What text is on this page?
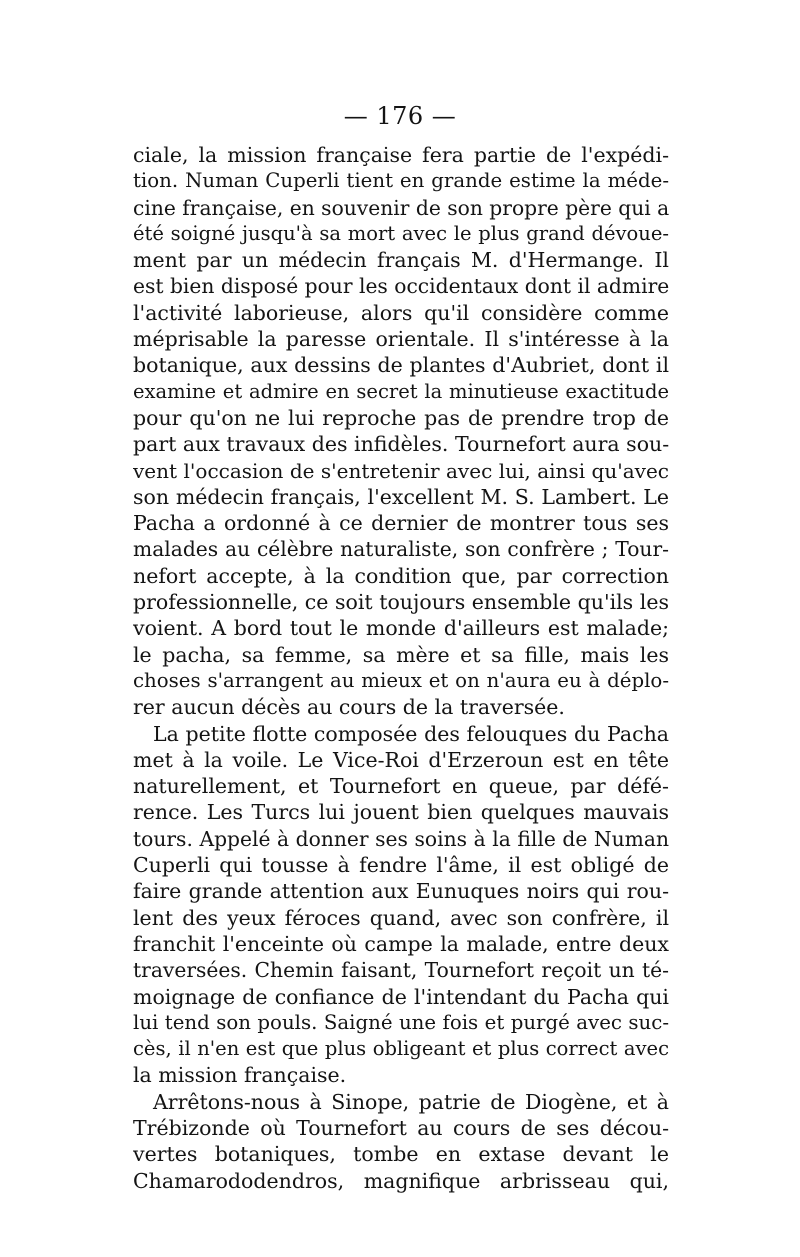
— 176 —
ciale, la mission française fera partie de l'expédi-
tion. Numan Cuperli tient en grande estime la méde-
cine française, en souvenir de son propre père qui a
été soigné jusqu'à sa mort avec le plus grand dévoue-
ment par un médecin français M. d'Hermange. Il
est bien disposé pour les occidentaux dont il admire
l'activité laborieuse, alors qu'il considère comme
méprisable la paresse orientale. Il s'intéresse à la
botanique, aux dessins de plantes d'Aubriet, dont il
examine et admire en secret la minutieuse exactitude
pour qu'on ne lui reproche pas de prendre trop de
part aux travaux des infidèles. Tournefort aura sou-
vent l'occasion de s'entretenir avec lui, ainsi qu'avec
son médecin français, l'excellent M. S. Lambert. Le
Pacha a ordonné à ce dernier de montrer tous ses
malades au célèbre naturaliste, son confrère ; Tour-
nefort accepte, à la condition que, par correction
professionnelle, ce soit toujours ensemble qu'ils les
voient. A bord tout le monde d'ailleurs est malade;
le pacha, sa femme, sa mère et sa fille, mais les
choses s'arrangent au mieux et on n'aura eu à déplo-
rer aucun décès au cours de la traversée.
La petite flotte composée des felouques du Pacha
met à la voile. Le Vice-Roi d'Erzeroun est en tête
naturellement, et Tournefort en queue, par défé-
rence. Les Turcs lui jouent bien quelques mauvais
tours. Appelé à donner ses soins à la fille de Numan
Cuperli qui tousse à fendre l'âme, il est obligé de
faire grande attention aux Eunuques noirs qui rou-
lent des yeux féroces quand, avec son confrère, il
franchit l'enceinte où campe la malade, entre deux
traversées. Chemin faisant, Tournefort reçoit un té-
moignage de confiance de l'intendant du Pacha qui
lui tend son pouls. Saigné une fois et purgé avec suc-
cès, il n'en est que plus obligeant et plus correct avec
la mission française.
Arrêtons-nous à Sinope, patrie de Diogène, et à
Trébizonde où Tournefort au cours de ses décou-
vertes botaniques, tombe en extase devant le
Chamarododendros, magnifique arbrisseau qui,
